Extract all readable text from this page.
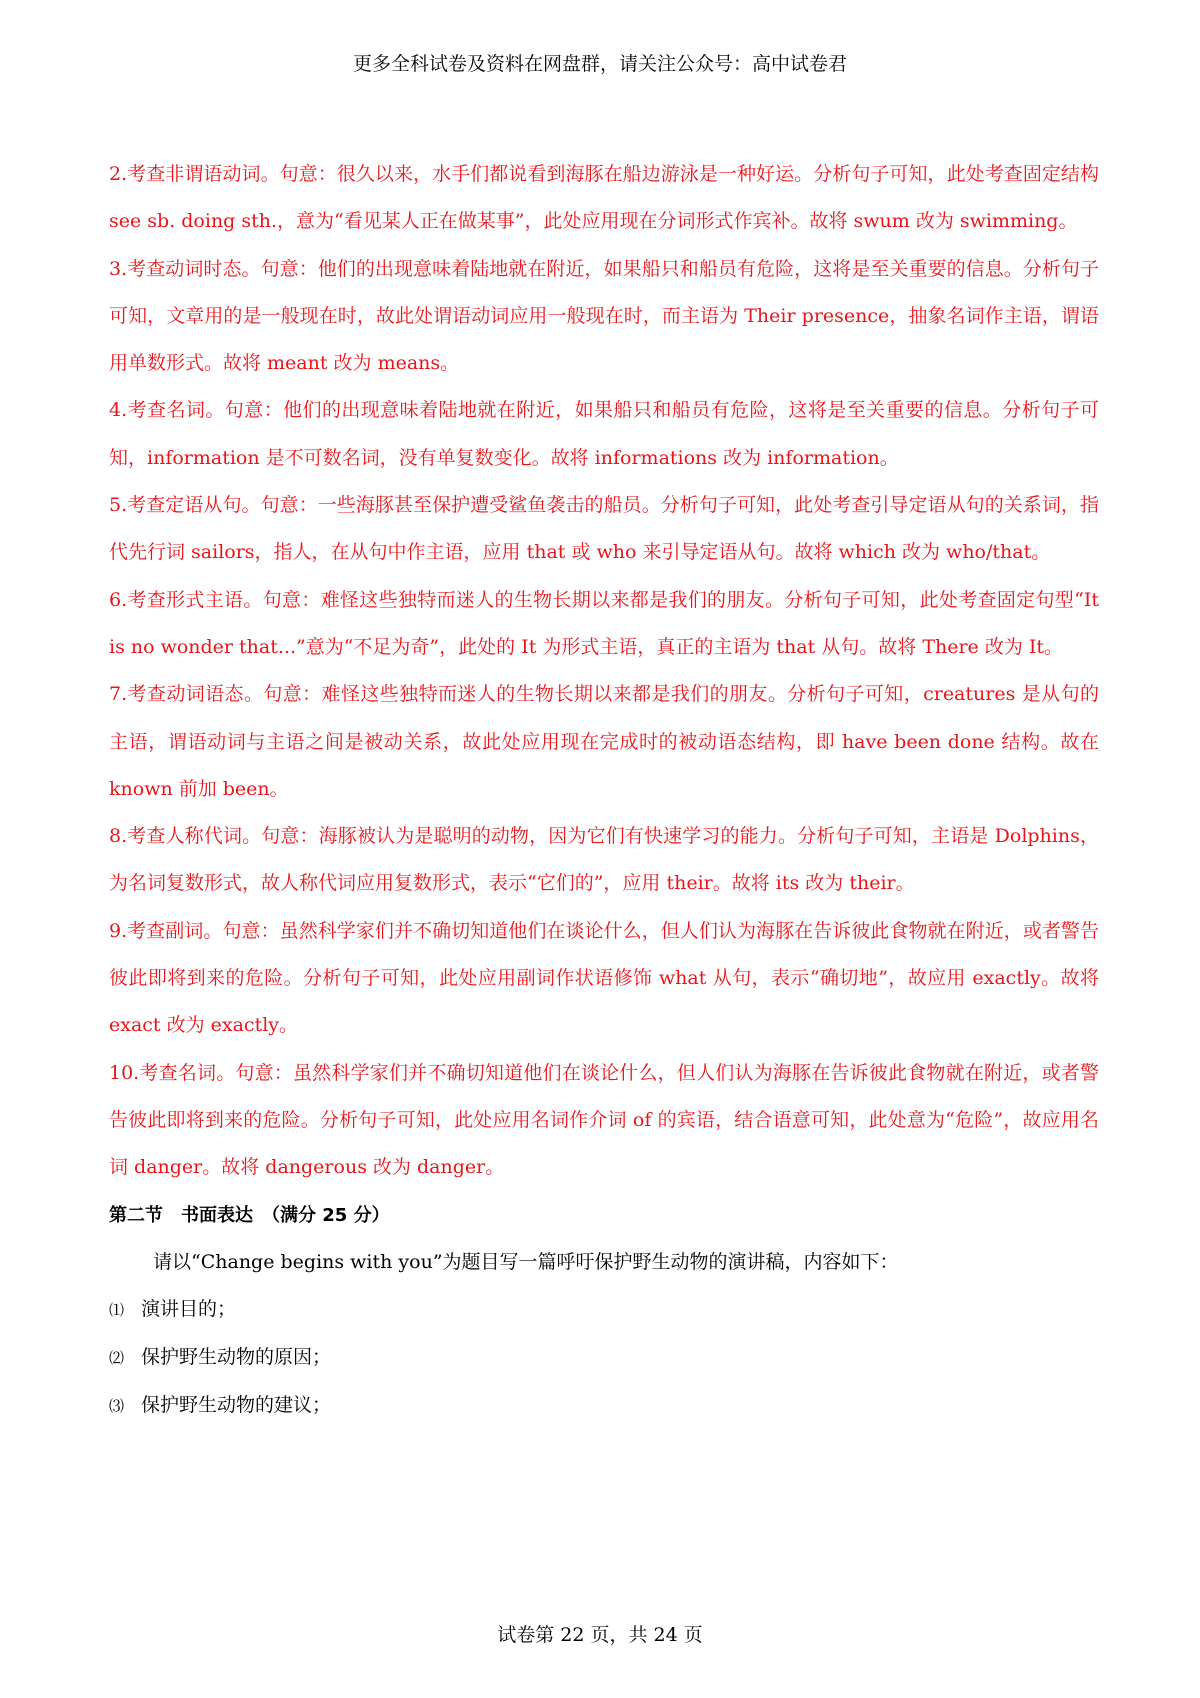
更多全科试卷及资料在网盘群，请关注公众号：高中试卷君

2.考查非谓语动词。句意：很久以来，水手们都说看到海豚在船边游泳是一种好运。分析句子可知，此处考查固定结构 see sb. doing sth.，意为“看见某人正在做某事”，此处应用现在分词形式作宾补。故将 swum 改为 swimming。

3.考查动词时态。句意：他们的出现意味着陆地就在附近，如果船只和船员有危险，这将是至关重要的信息。分析句子可知，文章用的是一般现在时，故此处谓语动词应用一般现在时，而主语为 Their presence，抽象名词作主语，谓语用单数形式。故将 meant 改为 means。

4.考查名词。句意：他们的出现意味着陆地就在附近，如果船只和船员有危险，这将是至关重要的信息。分析句子可知，information 是不可数名词，没有单复数变化。故将 informations 改为 information。

5.考查定语从句。句意：一些海豚甚至保护遭受鲨鱼袭击的船员。分析句子可知，此处考查引导定语从句的关系词，指代先行词 sailors，指人，在从句中作主语，应用 that 或 who 来引导定语从句。故将 which 改为 who/that。

6.考查形式主语。句意：难怪这些独特而迷人的生物长期以来都是我们的朋友。分析句子可知，此处考查固定句型“It is no wonder that...”意为“不足为奇”，此处的 It 为形式主语，真正的主语为 that 从句。故将 There 改为 It。

7.考查动词语态。句意：难怪这些独特而迷人的生物长期以来都是我们的朋友。分析句子可知，creatures 是从句的主语，谓语动词与主语之间是被动关系，故此处应用现在完成时的被动语态结构，即 have been done 结构。故在 known 前加 been。

8.考查人称代词。句意：海豚被认为是聪明的动物，因为它们有快速学习的能力。分析句子可知，主语是 Dolphins，为名词复数形式，故人称代词应用复数形式，表示“它们的”，应用 their。故将 its 改为 their。

9.考查副词。句意：虽然科学家们并不确切知道他们在谈论什么，但人们认为海豚在告诉彼此食物就在附近，或者警告彼此即将到来的危险。分析句子可知，此处应用副词作状语修饰 what 从句，表示“确切地”，故应用 exactly。故将 exact 改为 exactly。

10.考查名词。句意：虽然科学家们并不确切知道他们在谈论什么，但人们认为海豚在告诉彼此食物就在附近，或者警告彼此即将到来的危险。分析句子可知，此处应用名词作介词 of 的宾语，结合语意可知，此处意为“危险”，故应用名词 danger。故将 dangerous 改为 danger。

第二节　书面表达　（满分 25 分）

请以“Change begins with you”为题目写一篇呼吁保护野生动物的演讲稿，内容如下：

⑴ 演讲目的；
⑵ 保护野生动物的原因；
⑶ 保护野生动物的建议；
试卷第 22 页，共 24 页
